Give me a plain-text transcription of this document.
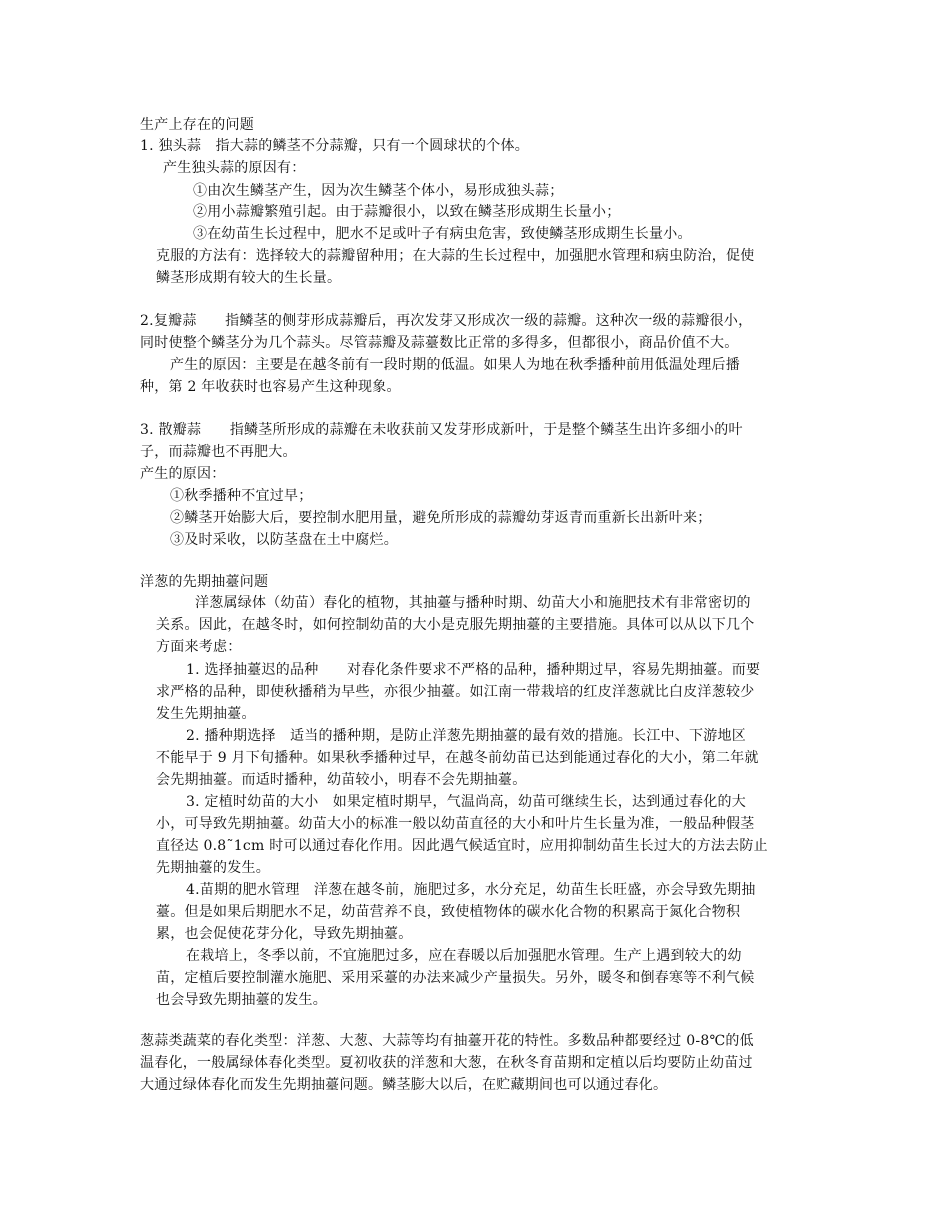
生产上存在的问题
1. 独头蒜　指大蒜的鳞茎不分蒜瓣，只有一个圆球状的个体。
产生独头蒜的原因有：
①由次生鳞茎产生，因为次生鳞茎个体小，易形成独头蒜；
②用小蒜瓣繁殖引起。由于蒜瓣很小，以致在鳞茎形成期生长量小；
③在幼苗生长过程中，肥水不足或叶子有病虫危害，致使鳞茎形成期生长量小。
克服的方法有：选择较大的蒜瓣留种用；在大蒜的生长过程中，加强肥水管理和病虫防治，促使
鳞茎形成期有较大的生长量。
2.复瓣蒜　　指鳞茎的侧芽形成蒜瓣后，再次发芽又形成次一级的蒜瓣。这种次一级的蒜瓣很小，
同时使整个鳞茎分为几个蒜头。尽管蒜瓣及蒜薹数比正常的多得多，但都很小，商品价值不大。
产生的原因：主要是在越冬前有一段时期的低温。如果人为地在秋季播种前用低温处理后播
种，第 2 年收获时也容易产生这种现象。
3. 散瓣蒜　　指鳞茎所形成的蒜瓣在未收获前又发芽形成新叶，于是整个鳞茎生出许多细小的叶
子，而蒜瓣也不再肥大。
产生的原因：
①秋季播种不宜过早；
②鳞茎开始膨大后，要控制水肥用量，避免所形成的蒜瓣幼芽返青而重新长出新叶来；
③及时采收，以防茎盘在土中腐烂。
洋葱的先期抽薹问题
洋葱属绿体（幼苗）春化的植物，其抽薹与播种时期、幼苗大小和施肥技术有非常密切的
关系。因此，在越冬时，如何控制幼苗的大小是克服先期抽薹的主要措施。具体可以从以下几个
方面来考虑：
1. 选择抽薹迟的品种　　对春化条件要求不严格的品种，播种期过早，容易先期抽薹。而要
求严格的品种，即使秋播稍为早些，亦很少抽薹。如江南一带栽培的红皮洋葱就比白皮洋葱较少
发生先期抽薹。
2. 播种期选择　适当的播种期，是防止洋葱先期抽薹的最有效的措施。长江中、下游地区
不能早于 9 月下旬播种。如果秋季播种过早，在越冬前幼苗已达到能通过春化的大小，第二年就
会先期抽薹。而适时播种，幼苗较小，明春不会先期抽薹。
3. 定植时幼苗的大小　如果定植时期早，气温尚高，幼苗可继续生长，达到通过春化的大
小，可导致先期抽薹。幼苗大小的标准一般以幼苗直径的大小和叶片生长量为准，一般品种假茎
直径达 0.8˜1cm 时可以通过春化作用。因此遇气候适宜时，应用抑制幼苗生长过大的方法去防止
先期抽薹的发生。
4.苗期的肥水管理　洋葱在越冬前，施肥过多，水分充足，幼苗生长旺盛，亦会导致先期抽
薹。但是如果后期肥水不足，幼苗营养不良，致使植物体的碳水化合物的积累高于氮化合物积
累，也会促使花芽分化，导致先期抽薹。
在栽培上，冬季以前，不宜施肥过多，应在春暖以后加强肥水管理。生产上遇到较大的幼
苗，定植后要控制灌水施肥、采用采薹的办法来减少产量损失。另外，暖冬和倒春寒等不利气候
也会导致先期抽薹的发生。
葱蒜类蔬菜的春化类型：洋葱、大葱、大蒜等均有抽薹开花的特性。多数品种都要经过 0-8℃的低
温春化，一般属绿体春化类型。夏初收获的洋葱和大葱，在秋冬育苗期和定植以后均要防止幼苗过
大通过绿体春化而发生先期抽薹问题。鳞茎膨大以后，在贮藏期间也可以通过春化。
